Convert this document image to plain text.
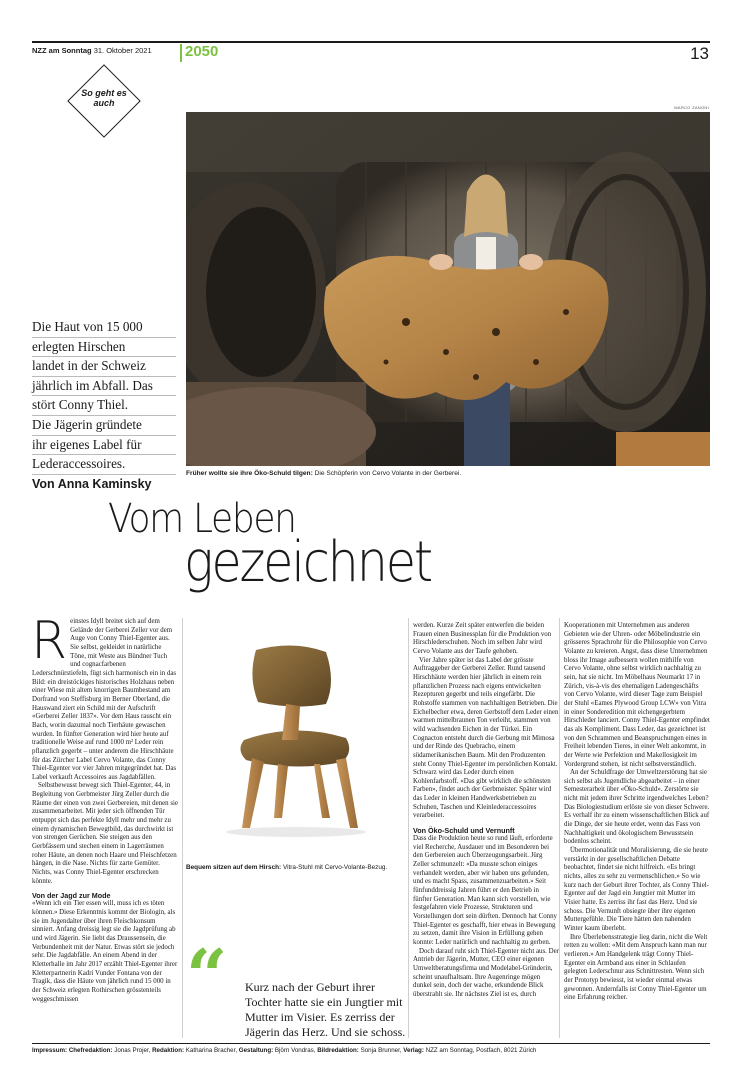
NZZ am Sonntag 31. Oktober 2021 2050	13
So geht es auch	MARCO ZANONI
Die Haut von 15 000
erlegten Hirschen
landet in der Schweiz
jährlich im Abfall. Das
stört Conny Thiel.
Die Jägerin gründete
ihr eigenes Label für
Lederaccessoires.
Von Anna Kaminsky
Früher wollte sie ihre Öko-Schuld tilgen: Die Schöpferin von Cervo Volante in der Gerberei.
Vom Leben
gezeichnet

Reinstes Idyll breitet sich auf dem Gelände der Gerberei Zeller vor dem Auge von Conny Thiel-Egenter aus. Sie selbst, gekleidet in natürliche Töne, mit Weste aus Bündner Tuch und cognacfarbenen Lederschnürstiefeln, fügt sich harmonisch ein in das Bild: ein dreistöckiges historisches Holzhaus neben einer Wiese mit altem knorrigen Baumbestand am Dorfrand von Steffisburg im Berner Oberland, die Hauswand ziert ein Schild mit der Aufschrift «Gerberei Zeller 1837». Vor dem Haus rauscht ein Bach, worin dazumal noch Tierhäute gewaschen wurden. In fünfter Generation wird hier heute auf traditionelle Weise auf rund 1000 m² Leder rein pflanzlich gegerbt – unter anderem die Hirschhäute für das Zürcher Label Cervo Volante, das Conny Thiel-Egenter vor vier Jahren mitgegründet hat. Das Label verkauft Accessoires aus Jagdabfällen.

Selbstbewusst bewegt sich Thiel-Egenter, 44, in Begleitung von Gerbmeister Jürg Zeller durch die Räume der einen von zwei Gerbereien, mit denen sie zusammenarbeitet. Mit jeder sich öffnenden Tür entpuppt sich das perfekte Idyll mehr und mehr zu einem dynamischen Bewegtbild, das durchwirkt ist von strengen Gerüchen. Sie steigen aus den Gerbfässern und stechen einem in Lagerräumen roher Häute, an denen noch Haare und Fleischfetzen hängen, in die Nase. Nichts für zarte Gemüter. Nichts, was Conny Thiel-Egenter erschrecken könnte.

Von der Jagd zur Mode

«Wenn ich ein Tier essen will, muss ich es töten können.» Diese Erkenntnis kommt der Biologin, als sie im Jugendalter über ihren Fleischkonsum sinniert. Anfang dreissig legt sie die Jagdprüfung ab und wird Jägerin. Sie liebt das Draussensein, die Verbundenheit mit der Natur. Etwas stört sie jedoch sehr. Die Jagdabfälle. An einem Abend in der Kletterhalle im Jahr 2017 erzählt Thiel-Egenter ihrer Kletterpartnerin Kadri Vunder Fontana von der Tragik, dass die Häute von jährlich rund 15 000 in der Schweiz erlegten Rothirschen grösstenteils weggeschmissen

Bequem sitzen auf dem Hirsch: Vitra-Stuhl mit Cervo-Volante-Bezug.
“ Kurz nach der Geburt ihrer Tochter hatte sie ein Jungtier mit Mutter im Visier. Es zerriss der Jägerin das Herz. Und sie schoss.

werden. Kurze Zeit später entwerfen die beiden Frauen einen Businessplan für die Produktion von Hirschlederschuhen. Noch im selben Jahr wird Cervo Volante aus der Taufe gehoben.

Vier Jahre später ist das Label der grösste Auftraggeber der Gerberei Zeller. Rund tausend Hirschhäute werden hier jährlich in einem rein pflanzlichen Prozess nach eigens entwickelten Rezepturen gegerbt und teils eingefärbt. Die Rohstoffe stammen von nachhaltigen Betrieben. Die Eichelbecher etwa, deren Gerbstoff dem Leder einen warmen mittelbraunen Ton verleiht, stammen von wild wachsenden Eichen in der Türkei. Ein Cognacton entsteht durch die Gerbung mit Mimosa und der Rinde des Quebracho, einem südamerikanischen Baum. Mit den Produzenten steht Conny Thiel-Egenter im persönlichen Kontakt. Schwarz wird das Leder durch einen Kohlenfarbstoff. «Das gibt wirklich die schönsten Farben», findet auch der Gerbmeister. Später wird das Leder in kleinen Handwerksbetrieben zu Schuhen, Taschen und Kleinlederaccessoires verarbeitet.

Von Öko-Schuld und Vernunft

Dass die Produktion heute so rund läuft, erforderte viel Recherche, Ausdauer und im Besonderen bei den Gerbereien auch Überzeugungsarbeit. Jürg Zeller schmunzelt: «Da musste schon einiges verhandelt werden, aber wir haben uns gefunden, und es macht Spass, zusammenzuarbeiten.» Seit fünfunddreissig Jahren führt er den Betrieb in fünfter Generation. Man kann sich vorstellen, wie festgefahren viele Prozesse, Strukturen und Vorstellungen dort sein dürften. Dennoch hat Conny Thiel-Egenter es geschafft, hier etwas in Bewegung zu setzen, damit ihre Vision in Erfüllung gehen konnte: Leder natürlich und nachhaltig zu gerben.

Doch darauf ruht sich Thiel-Egenter nicht aus. Der Antrieb der Jägerin, Mutter, CEO einer eigenen Umweltberatungsfirma und Modelabel-Gründerin, scheint unaufhaltsam. Ihre Augenringe mögen dunkel sein, doch der wache, erkundende Blick überstrahlt sie. Ihr nächstes Ziel ist es, durch

Kooperationen mit Unternehmen aus anderen Gebieten wie der Uhren- oder Möbelindustrie ein grösseres Sprachrohr für die Philosophie von Cervo Volante zu kreieren. Angst, dass diese Unternehmen bloss ihr Image aufbessern wollen mithilfe von Cervo Volante, ohne selbst wirklich nachhaltig zu sein, hat sie nicht. Im Möbelhaus Neumarkt 17 in Zürich, vis-à-vis des ehemaligen Ladengeschäfts von Cervo Volante, wird dieser Tage zum Beispiel der Stuhl «Eames Plywood Group LCW» von Vitra in einer Sonderedition mit eichengegerbtem Hirschleder lanciert. Conny Thiel-Egenter empfindet das als Kompliment. Dass Leder, das gezeichnet ist von den Schrammen und Beanspruchungen eines in Freiheit lebenden Tieres, in einer Welt ankommt, in der Werte wie Perfektion und Makellosigkeit im Vordergrund stehen, ist nicht selbstverständlich.

An der Schuldfrage der Umweltzerstörung hat sie sich selbst als Jugendliche abgearbeitet – in einer Semesterarbeit über «Öko-Schuld». Zerstörte sie nicht mit jedem ihrer Schritte irgendwelches Leben? Das Biologiestudium erlöste sie von dieser Schwere. Es verhalf ihr zu einem wissenschaftlichen Blick auf die Dinge, der sie heute erdet, wenn das Fass von Nachhaltigkeit und ökologischem Bewusstsein bodenlos scheint.

Übermotionalität und Moralisierung, die sie heute verstärkt in der gesellschaftlichen Debatte beobachtet, findet sie nicht hilfreich. «Es bringt nichts, alles zu sehr zu vermenschlichen.» So wie kurz nach der Geburt ihrer Tochter, als Conny Thiel-Egenter auf der Jagd ein Jungtier mit Mutter im Visier hatte. Es zerriss ihr fast das Herz. Und sie schoss. Die Vernunft obsiegte über ihre eigenen Muttergefühle. Die Tiere hätten den nahenden Winter kaum überlebt.

Ihre Überlebensstrategie lieg darin, nicht die Welt retten zu wollen: «Mit dem Anspruch kann man nur verlieren.» Am Handgelenk trägt Conny Thiel-Egenter ein Armband aus einer in Schlaufen gelegten Lederschnur aus Schnittresten. Wenn sich der Prototyp bewiesst, ist wieder einmal etwas gewonnen. Andernfalls ist Conny Thiel-Egenter um eine Erfahrung reicher.

Impressum: Chefredaktion: Jonas Projer, Redaktion: Katharina Bracher, Gestaltung: Björn Vondras, Bildredaktion: Sonja Brunner, Verlag: NZZ am Sonntag, Postfach, 8021 Zürich
